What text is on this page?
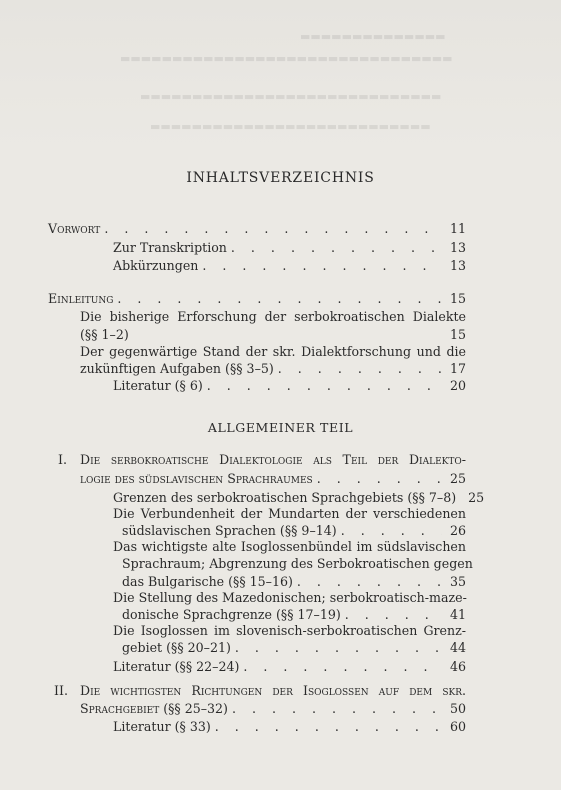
▬▬▬▬▬▬▬▬▬▬▬▬▬▬
▬▬▬▬▬▬▬▬▬▬▬▬▬▬▬▬▬▬▬▬▬▬▬▬▬▬▬▬▬▬▬▬
▬▬▬▬▬▬▬▬▬▬▬▬▬▬▬▬▬▬▬▬▬▬▬▬▬▬▬▬▬
▬▬▬▬▬▬▬▬▬▬▬▬▬▬▬▬▬▬▬▬▬▬▬▬▬▬▬
INHALTSVERZEICHNIS
Vorwort . . .	11
Zur Transkription . . .	13
Abkürzungen . . .	13
Einleitung . . .	15
Die bisherige Erforschung der serbokroatischen Dialekte
(§§ 1–2)	15
Der gegenwärtige Stand der skr. Dialektforschung und die
zukünftigen Aufgaben (§§ 3–5) . . .	17
Literatur (§ 6) . . .	20
ALLGEMEINER TEIL
I. Die serbokroatische Dialektologie als Teil der Dialekto-
logie des südslavischen Sprachraumes . . .	25
Grenzen des serbokroatischen Sprachgebiets (§§ 7–8) 25
Die Verbundenheit der Mundarten der verschiedenen
südslavischen Sprachen (§§ 9–14) . . .	26
Das wichtigste alte Isoglossenbündel im südslavischen
Sprachraum; Abgrenzung des Serbokroatischen gegen
das Bulgarische (§§ 15–16) . . .	35
Die Stellung des Mazedonischen; serbokroatisch-maze-
donische Sprachgrenze (§§ 17–19) . . .	41
Die Isoglossen im slovenisch-serbokroatischen Grenz-
gebiet (§§ 20–21) . . .	44
Literatur (§§ 22–24) . . .	46
II. Die wichtigsten Richtungen der Isoglossen auf dem skr.
Sprachgebiet (§§ 25–32) . . .	50
Literatur (§ 33) . . .	60
